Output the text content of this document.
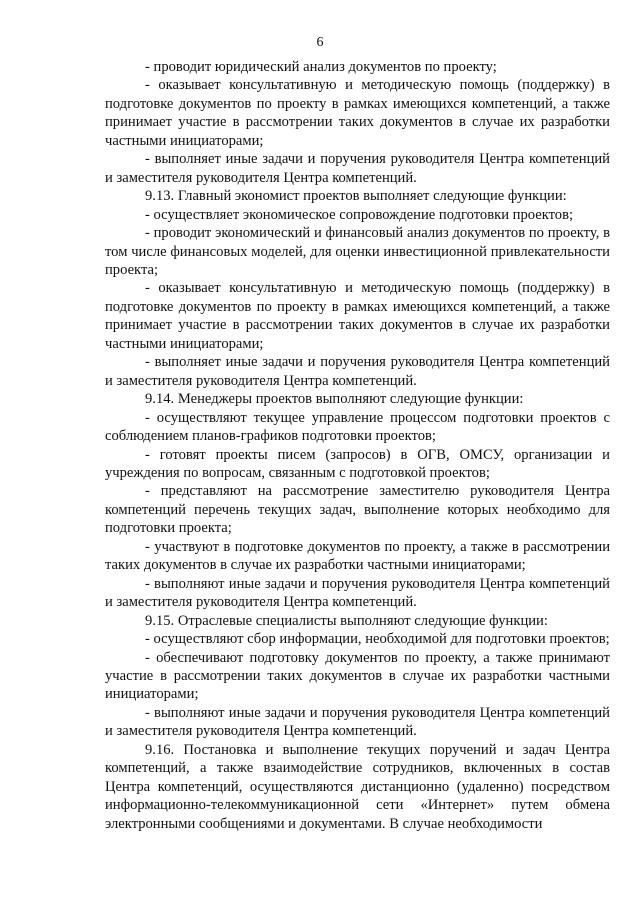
6

- проводит юридический анализ документов по проекту;

- оказывает консультативную и методическую помощь (поддержку) в подготовке документов по проекту в рамках имеющихся компетенций, а также принимает участие в рассмотрении таких документов в случае их разработки частными инициаторами;

- выполняет иные задачи и поручения руководителя Центра компетенций и заместителя руководителя Центра компетенций.

9.13. Главный экономист проектов выполняет следующие функции:

- осуществляет экономическое сопровождение подготовки проектов;

- проводит экономический и финансовый анализ документов по проекту, в том числе финансовых моделей, для оценки инвестиционной привлекательности проекта;

- оказывает консультативную и методическую помощь (поддержку) в подготовке документов по проекту в рамках имеющихся компетенций, а также принимает участие в рассмотрении таких документов в случае их разработки частными инициаторами;

- выполняет иные задачи и поручения руководителя Центра компетенций и заместителя руководителя Центра компетенций.

9.14. Менеджеры проектов выполняют следующие функции:

- осуществляют текущее управление процессом подготовки проектов с соблюдением планов-графиков подготовки проектов;

- готовят проекты писем (запросов) в ОГВ, ОМСУ, организации и учреждения по вопросам, связанным с подготовкой проектов;

- представляют на рассмотрение заместителю руководителя Центра компетенций перечень текущих задач, выполнение которых необходимо для подготовки проекта;

- участвуют в подготовке документов по проекту, а также в рассмотрении таких документов в случае их разработки частными инициаторами;

- выполняют иные задачи и поручения руководителя Центра компетенций и заместителя руководителя Центра компетенций.

9.15. Отраслевые специалисты выполняют следующие функции:

- осуществляют сбор информации, необходимой для подготовки проектов;

- обеспечивают подготовку документов по проекту, а также принимают участие в рассмотрении таких документов в случае их разработки частными инициаторами;

- выполняют иные задачи и поручения руководителя Центра компетенций и заместителя руководителя Центра компетенций.

9.16. Постановка и выполнение текущих поручений и задач Центра компетенций, а также взаимодействие сотрудников, включенных в состав Центра компетенций, осуществляются дистанционно (удаленно) посредством информационно-телекоммуникационной сети «Интернет» путем обмена электронными сообщениями и документами. В случае необходимости
